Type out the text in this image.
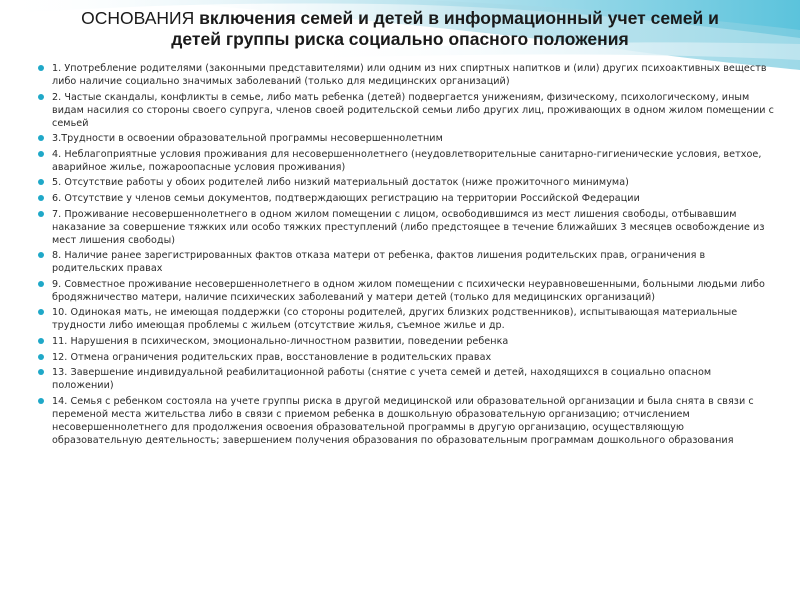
ОСНОВАНИЯ включения семей и детей в информационный учет семей и
детей группы риска социально опасного положения
1. Употребление родителями (законными представителями) или одним из них спиртных напитков и (или) других психоактивных веществ либо наличие социально значимых заболеваний (только для медицинских организаций)
2. Частые скандалы, конфликты в семье, либо мать ребенка (детей) подвергается унижениям, физическому, психологическому, иным видам насилия со стороны своего супруга, членов своей родительской семьи либо других лиц, проживающих в одном жилом помещении с семьей
3.Трудности в освоении образовательной программы несовершеннолетним
4. Неблагоприятные условия проживания для несовершеннолетнего (неудовлетворительные санитарно-гигиенические условия, ветхое, аварийное жилье, пожароопасные условия проживания)
5. Отсутствие работы у обоих родителей либо низкий материальный достаток (ниже прожиточного минимума)
6. Отсутствие у членов семьи документов, подтверждающих регистрацию на территории Российской Федерации
7. Проживание несовершеннолетнего в одном жилом помещении с лицом, освободившимся из мест лишения свободы, отбывавшим наказание за совершение тяжких или особо тяжких преступлений (либо предстоящее в течение ближайших 3 месяцев освобождение из мест лишения свободы)
8. Наличие ранее зарегистрированных фактов отказа матери от ребенка, фактов лишения родительских прав, ограничения в родительских правах
9. Совместное проживание несовершеннолетнего в одном жилом помещении с психически неуравновешенными, больными людьми либо бродяжничество матери, наличие психических заболеваний у матери детей (только для медицинских организаций)
10. Одинокая мать, не имеющая поддержки (со стороны родителей, других близких родственников), испытывающая материальные трудности либо имеющая проблемы с жильем (отсутствие жилья, съемное жилье и др.
11. Нарушения в психическом, эмоционально-личностном развитии, поведении ребенка
12. Отмена ограничения родительских прав, восстановление в родительских правах
13. Завершение индивидуальной реабилитационной работы (снятие с учета семей и детей, находящихся в социально опасном положении)
14. Семья с ребенком состояла на учете группы риска в другой медицинской или образовательной организации и была снята в связи с переменой места жительства либо в связи с приемом ребенка в дошкольную образовательную организацию; отчислением несовершеннолетнего для продолжения освоения образовательной программы в другую организацию, осуществляющую образовательную деятельность; завершением получения образования по образовательным программам дошкольного образования
